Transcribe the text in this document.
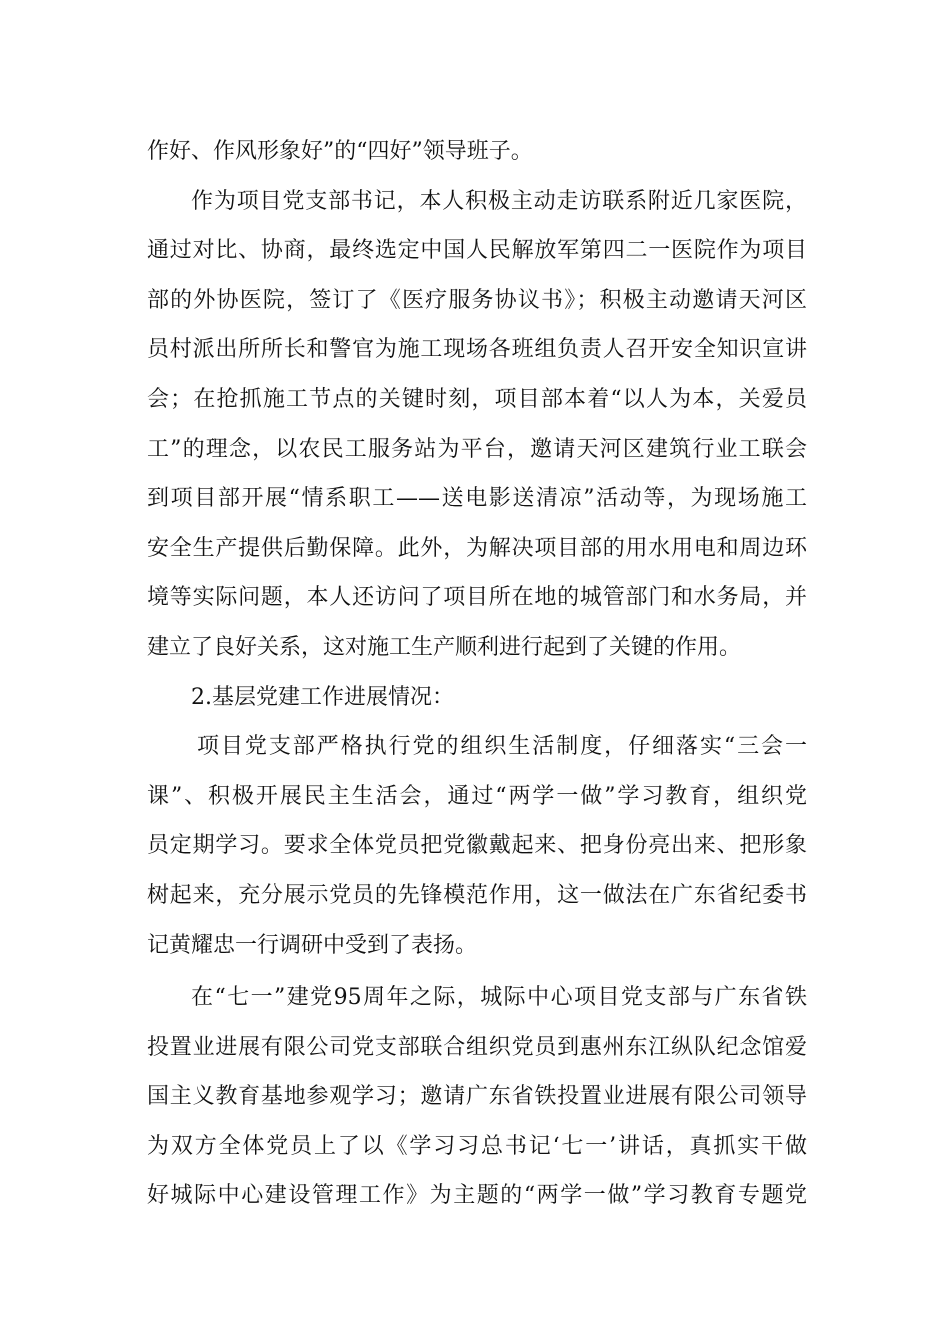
作好、作风形象好”的“四好”领导班子。
作为项目党支部书记，本人积极主动走访联系附近几家医院，
通过对比、协商，最终选定中国人民解放军第四二一医院作为项目
部的外协医院，签订了《医疗服务协议书》；积极主动邀请天河区
员村派出所所长和警官为施工现场各班组负责人召开安全知识宣讲
会；在抢抓施工节点的关键时刻，项目部本着“以人为本，关爱员
工”的理念，以农民工服务站为平台，邀请天河区建筑行业工联会
到项目部开展“情系职工——送电影送清凉”活动等，为现场施工
安全生产提供后勤保障。此外，为解决项目部的用水用电和周边环
境等实际问题，本人还访问了项目所在地的城管部门和水务局，并
建立了良好关系，这对施工生产顺利进行起到了关键的作用。
2.基层党建工作进展情况：
项目党支部严格执行党的组织生活制度，仔细落实“三会一
课”、积极开展民主生活会，通过“两学一做”学习教育，组织党
员定期学习。要求全体党员把党徽戴起来、把身份亮出来、把形象
树起来，充分展示党员的先锋模范作用，这一做法在广东省纪委书
记黄耀忠一行调研中受到了表扬。
在“七一”建党95周年之际，城际中心项目党支部与广东省铁
投置业进展有限公司党支部联合组织党员到惠州东江纵队纪念馆爱
国主义教育基地参观学习；邀请广东省铁投置业进展有限公司领导
为双方全体党员上了以《学习习总书记‘七一’讲话，真抓实干做
好城际中心建设管理工作》为主题的“两学一做”学习教育专题党
